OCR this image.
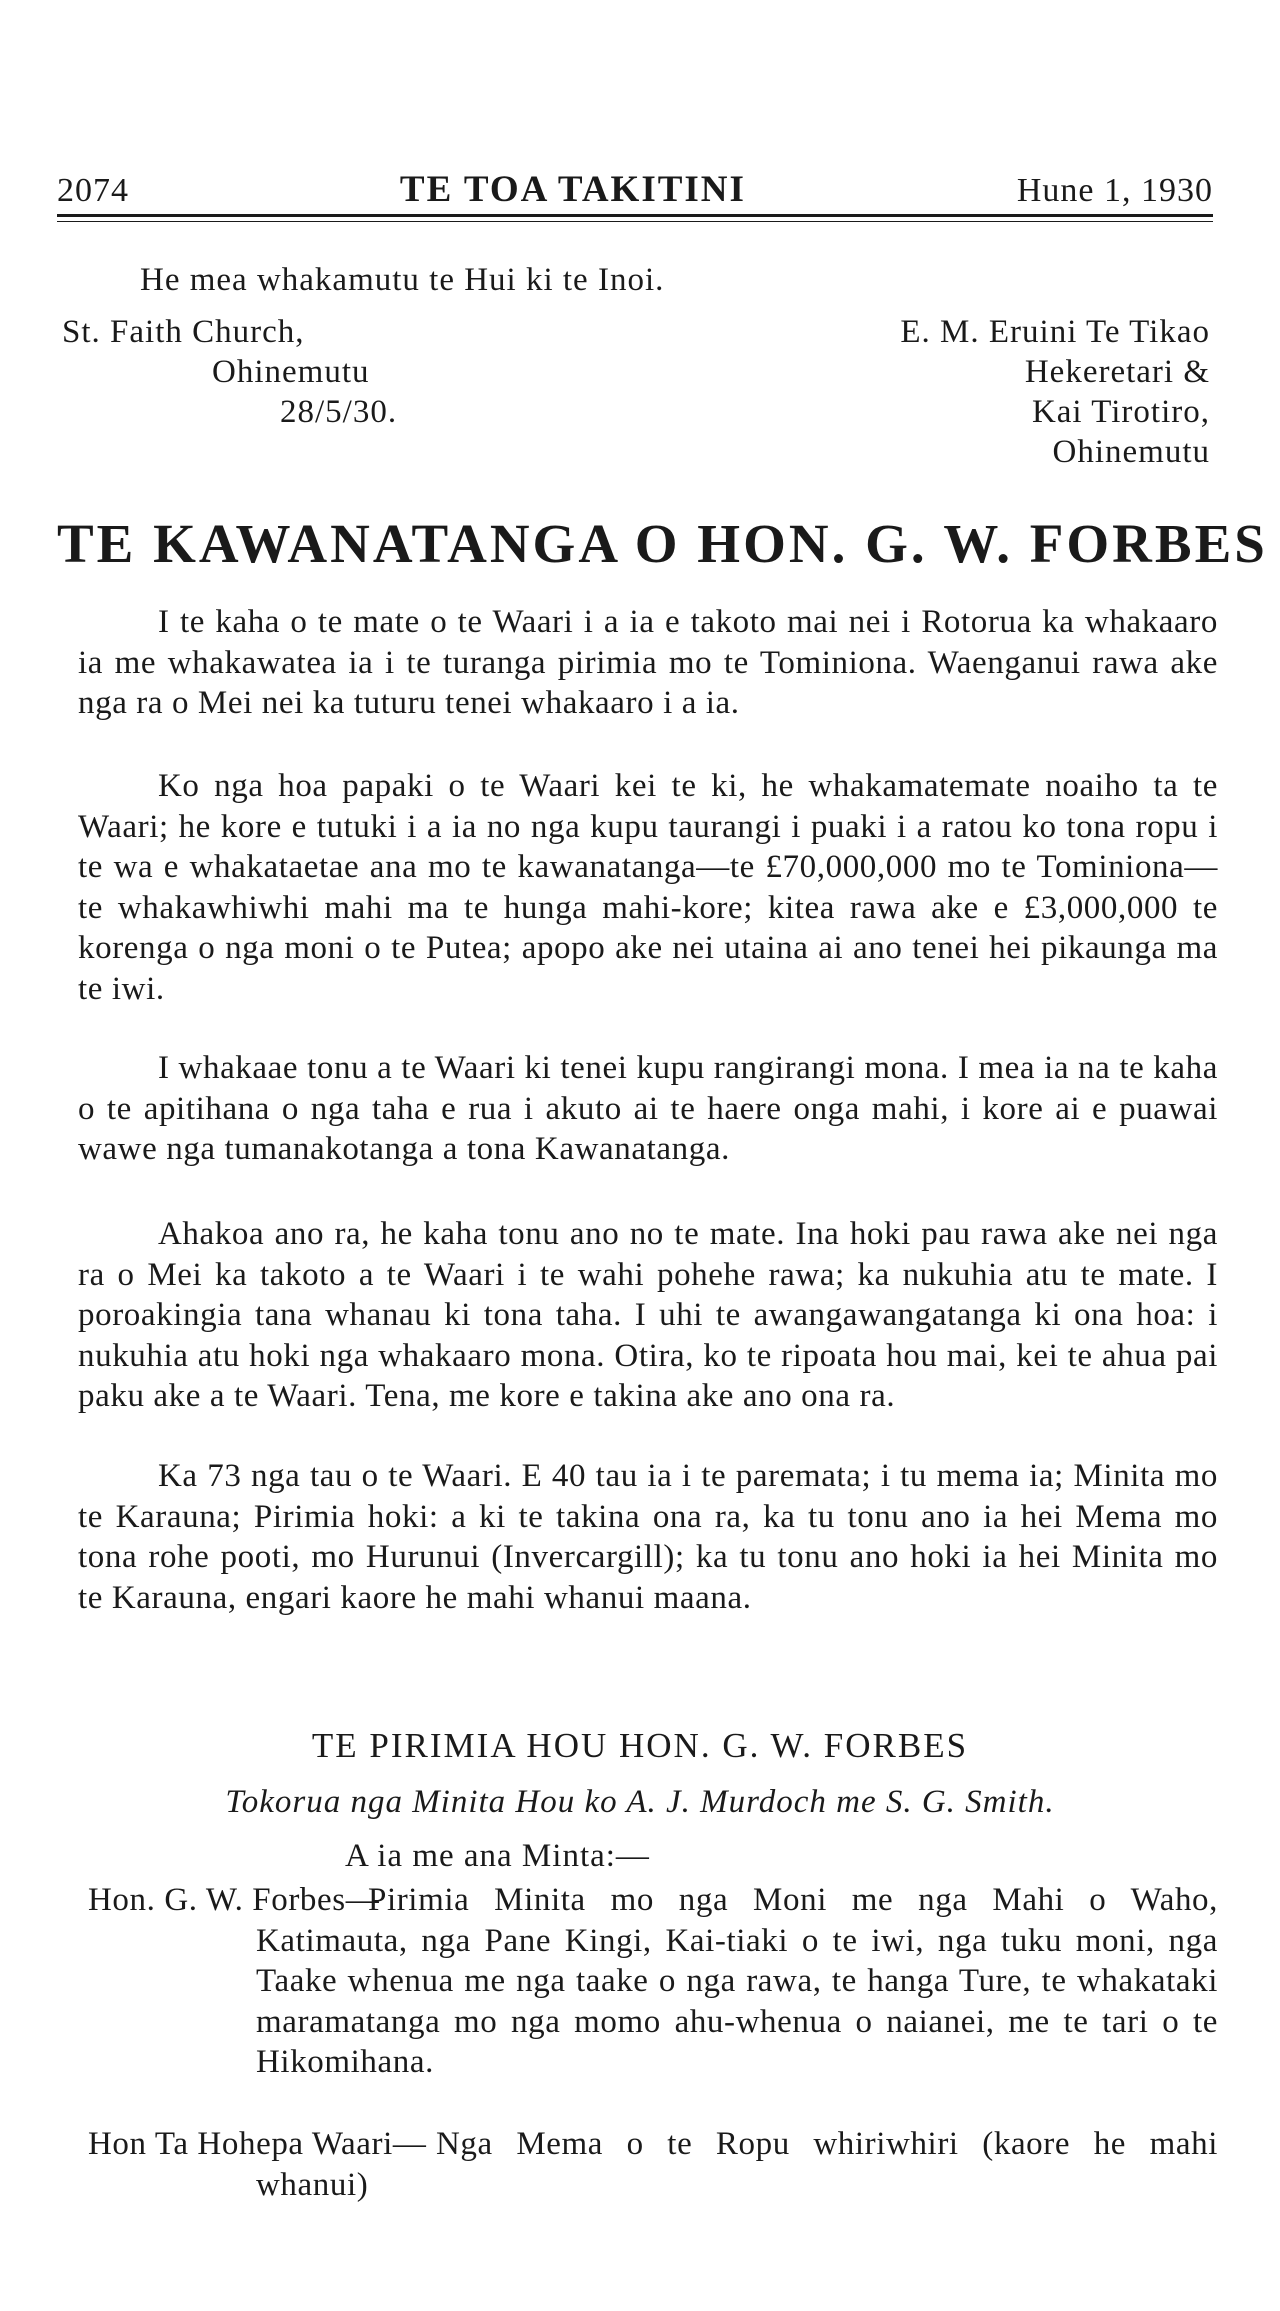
2074	TE TOA TAKITINI	Hune 1, 1930
He mea whakamutu te Hui ki te Inoi.
St. Faith Church,
Ohinemutu
28/5/30.
E. M. Eruini Te Tikao
Hekeretari &
Kai Tirotiro,
Ohinemutu
TE KAWANATANGA O HON. G. W. FORBES

I te kaha o te mate o te Waari i a ia e takoto mai nei i Rotorua ka whakaaro ia me whakawatea ia i te turanga pirimia mo te Tominiona. Waenganui rawa ake nga ra o Mei nei ka tuturu tenei whakaaro i a ia.

Ko nga hoa papaki o te Waari kei te ki, he whakamatemate noaiho ta te Waari; he kore e tutuki i a ia no nga kupu taurangi i puaki i a ratou ko tona ropu i te wa e whakataetae ana mo te kawanatanga—te £70,000,000 mo te Tominiona—te whakawhiwhi mahi ma te hunga mahi-kore; kitea rawa ake e £3,000,000 te korenga o nga moni o te Putea; apopo ake nei utaina ai ano tenei hei pikaunga ma te iwi.

I whakaae tonu a te Waari ki tenei kupu rangirangi mona. I mea ia na te kaha o te apitihana o nga taha e rua i akuto ai te haere onga mahi, i kore ai e puawai wawe nga tumanakotanga a tona Kawanatanga.

Ahakoa ano ra, he kaha tonu ano no te mate. Ina hoki pau rawa ake nei nga ra o Mei ka takoto a te Waari i te wahi pohehe rawa; ka nukuhia atu te mate. I poroakingia tana whanau ki tona taha. I uhi te awangawangatanga ki ona hoa: i nukuhia atu hoki nga whakaaro mona. Otira, ko te ripoata hou mai, kei te ahua pai paku ake a te Waari. Tena, me kore e takina ake ano ona ra.

Ka 73 nga tau o te Waari. E 40 tau ia i te paremata; i tu mema ia; Minita mo te Karauna; Pirimia hoki: a ki te takina ona ra, ka tu tonu ano ia hei Mema mo tona rohe pooti, mo Hurunui (Invercargill); ka tu tonu ano hoki ia hei Minita mo te Karauna, engari kaore he mahi whanui maana.

TE PIRIMIA HOU HON. G. W. FORBES
Tokorua nga Minita Hou ko A. J. Murdoch me S. G. Smith.
A ia me ana Minta:—
Hon. G. W. Forbes—
Pirimia Minita mo nga Moni me nga Mahi o Waho, Katimauta, nga Pane Kingi, Kai-tiaki o te iwi, nga tuku moni, nga Taake whenua me nga taake o nga rawa, te hanga Ture, te whakataki maramatanga mo nga momo ahu-whenua o naianei, me te tari o te Hikomihana.
Hon Ta Hohepa Waari— Nga Mema o te Ropu whiriwhiri (kaore he mahi whanui)
